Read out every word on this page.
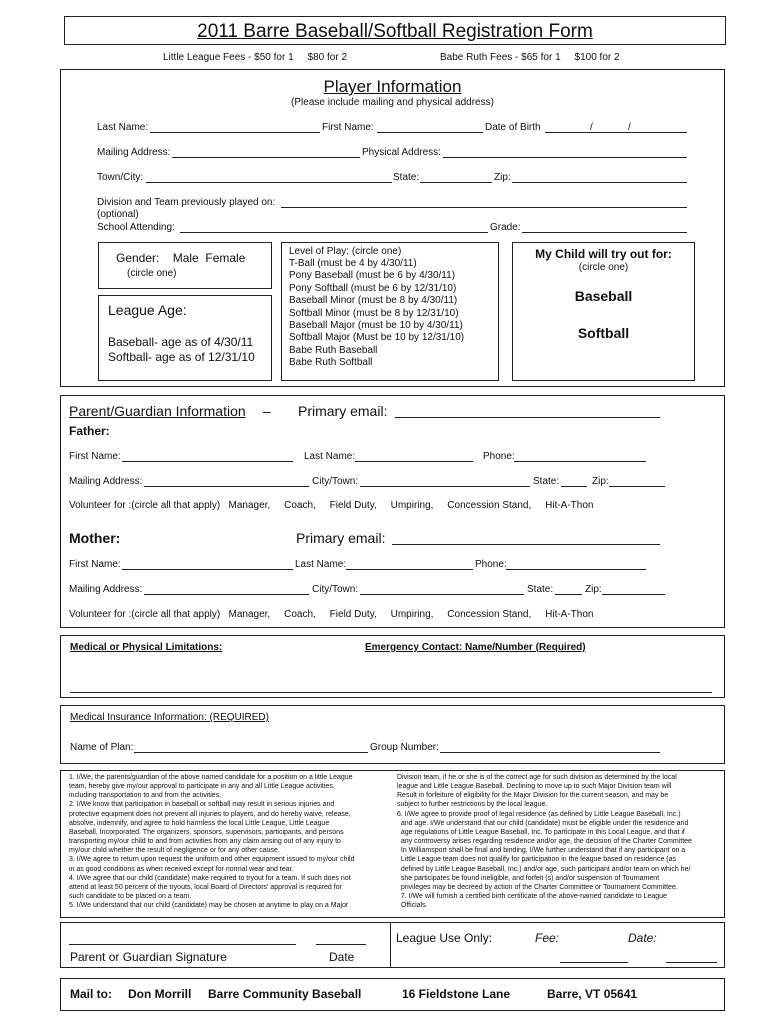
2011 Barre Baseball/Softball Registration Form
Little League Fees - $50 for 1     $80 for 2	Babe Ruth Fees - $65 for 1     $100 for 2
Player Information
(Please include mailing and physical address)
Last Name:	First Name:	Date of Birth	/	/
Mailing Address:	Physical Address:
Town/City:	State:	Zip:
Division and Team previously played on:
(optional)
School Attending:	Grade:
Gender:    Male  Female
(circle one)
League Age:
Baseball- age as of 4/30/11
Softball- age as of 12/31/10
Level of Play: (circle one)
T-Ball (must be 4 by 4/30/11)
Pony Baseball (must be 6 by 4/30/11)
Pony Softball (must be 6 by 12/31/10)
Baseball Minor (must be 8 by 4/30/11)
Softball Minor (must be 8 by 12/31/10)
Baseball Major (must be 10 by 4/30/11)
Softball Major (Must be 10 by 12/31/10)
Babe Ruth Baseball
Babe Ruth Softball
My Child will try out for:
(circle one)
Baseball
Softball
Parent/Guardian Information – Primary email:
Father:
First Name:	Last Name:	Phone:
Mailing Address:	City/Town:	State:	Zip:
Volunteer for :(circle all that apply)   Manager,     Coach,     Field Duty,     Umpiring,     Concession Stand,     Hit-A-Thon
Mother:	Primary email:
First Name:	Last Name:	Phone:
Mailing Address:	City/Town:	State:	Zip:
Volunteer for :(circle all that apply)   Manager,     Coach,     Field Duty,     Umpiring,     Concession Stand,     Hit-A-Thon
Medical or Physical Limitations:	Emergency Contact: Name/Number (Required)
Medical Insurance Information: (REQUIRED)
Name of Plan:	Group Number:
1. I/We, the parents/guardian of the above named candidate for a position on a little League
team, hereby give my/our approval to participate in any and all Little League activities,
including transportation to and from the activities.
2. I/We know that participation in baseball or softball may result in serious injuries and
protective equipment does not prevent all injuries to players, and do hereby waive, release,
absolve, indemnify, and agree to hold harmless the local Little League, Little League
Baseball, Incorporated. The organizers, sponsors, supervisors, participants, and persons
transporting my/our child to and from activities from any claim arising out of any injury to
my/our child whether the result of negligence or for any other cause.
3. I/We agree to return upon request the uniform and other equipment issued to my/our child
in as good conditions as when received except for normal wear and tear.
4. I/We agree that our child (candidate) make required to tryout for a team. If such does not
attend at least 50 percent of the tryouts, local Board of Directors' approval is required for
such candidate to be placed on a team.
5. I/We understand that our child (candidate) may be chosen at anytime to play on a Major
Division team, if he or she is of the correct age for such division as determined by the local
league and Little League Baseball. Declining to move up to such Major Division team will
Result in forfeiture of eligibility for the Major Division for the current season, and may be
subject to further restrictions by the local league.
6. I/We agree to provide proof of legal residence (as defined by Little League Baseball, Inc.)
and age. I/We understand that our child (candidate) must be eligible under the residence and
age regulations of Little League Baseball, Inc. To participate in this Local League, and that if
any controversy arises regarding residence and/or age, the decision of the Charter Committee
In Williamsport shall be final and binding. I/We further understand that if any participant on a
Little League team does not qualify for participation in the league based on residence (as
defined by Little League Baseball, Inc.) and/or age, such participant and/or team on which he/
she participates be found ineligible, and forfeit (s) and/or suspension of Tournament
privileges may be decreed by action of the Charter Committee or Tournament Committee.
7. I/We will furnish a certified birth certificate of the above-named candidate to League
Officials.
Parent or Guardian Signature	Date
League Use Only:	Fee:	Date:
Mail to: Don Morrill Barre Community Baseball	16 Fieldstone Lane	Barre, VT 05641
